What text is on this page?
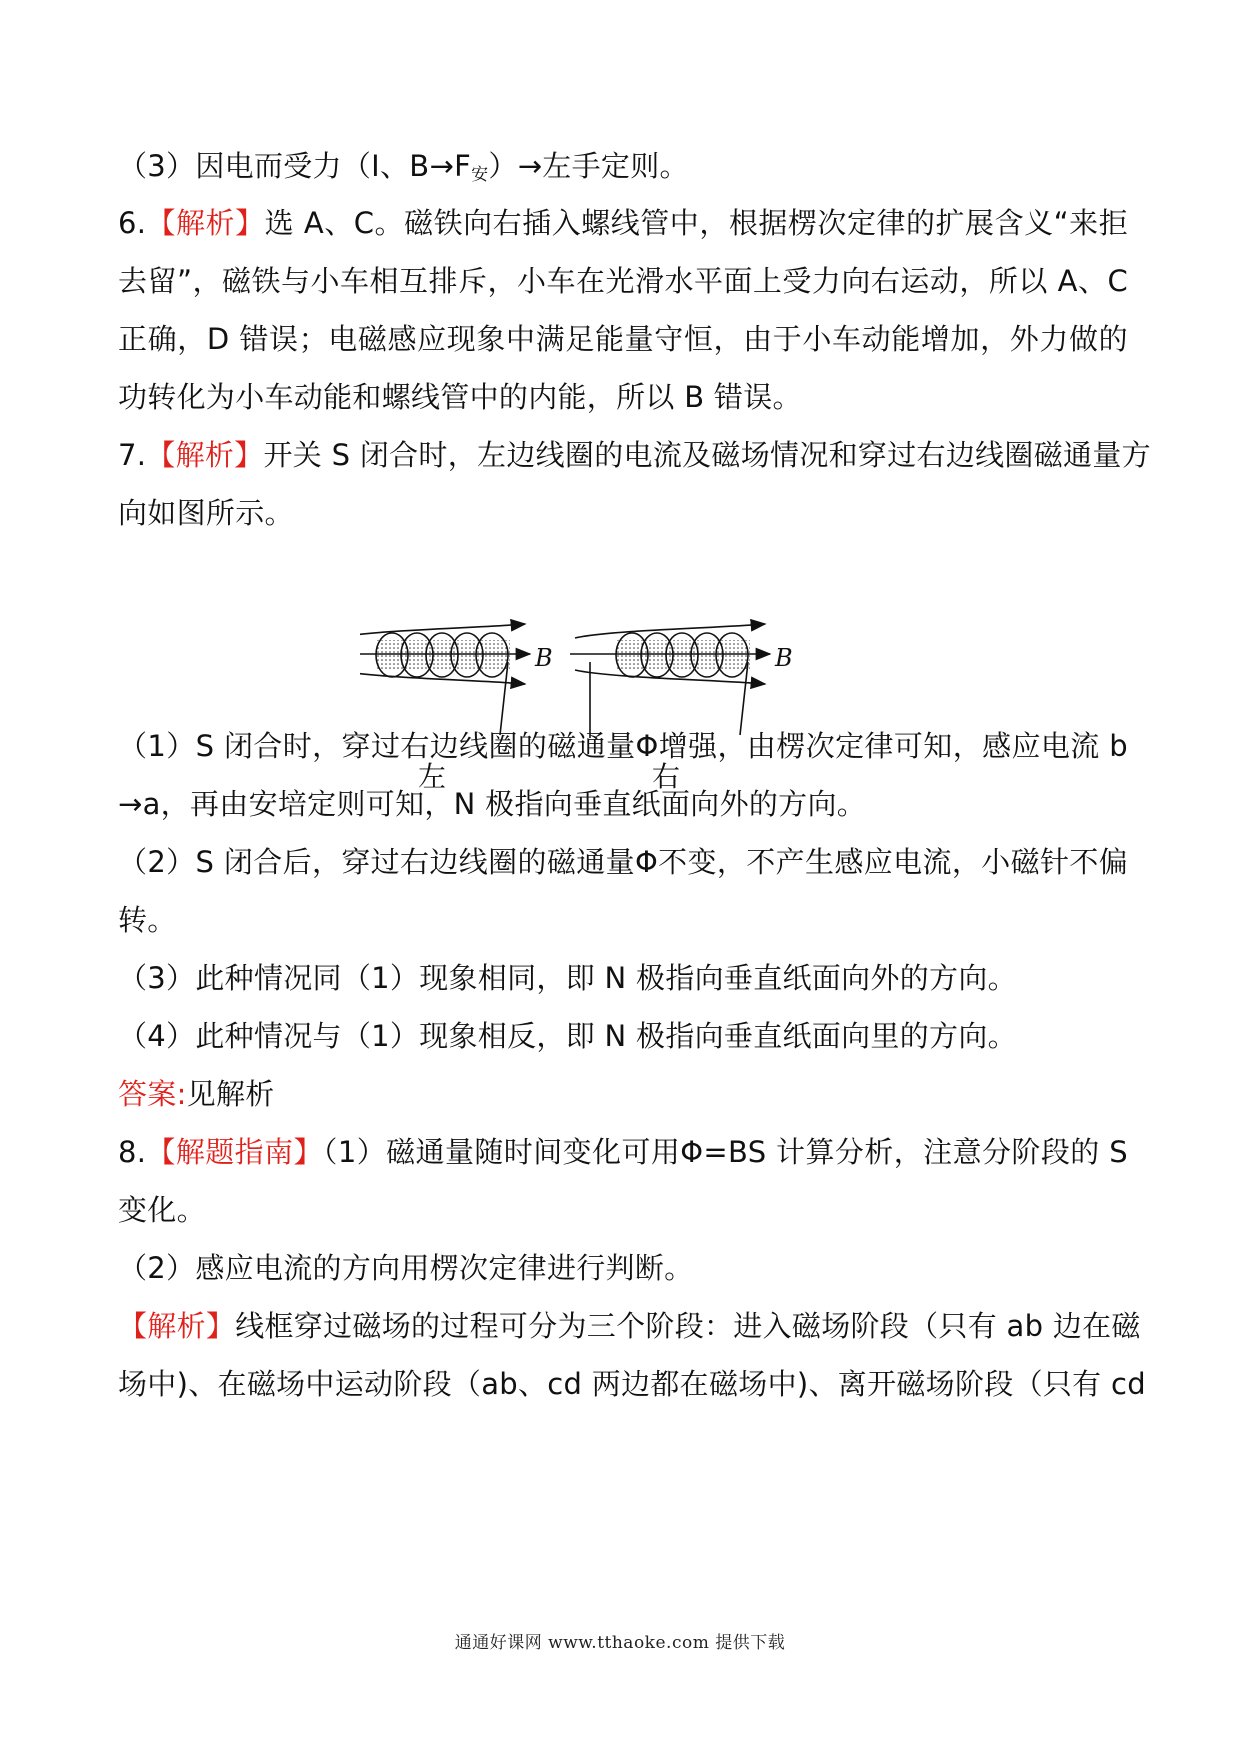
（3）因电而受力（I、$B\to F_安)\to$左手定则。
6.【解析】选 A、C。磁铁向右插入螺线管中，根据楞次定律的扩展含义“来拒
去留”，磁铁与小车相互排斥，小车在光滑水平面上受力向右运动，所以 A、C
正确，D 错误；电磁感应现象中满足能量守恒，由于小车动能增加，外力做的
功转化为小车动能和螺线管中的内能，所以 B 错误。
7.【解析】开关 S 闭合时，左边线圈的电流及磁场情况和穿过右边线圈磁通量方
向如图所示。
B
左
B
右
（1）S 闭合时，穿过右边线圈的磁通量Φ增强，由楞次定律可知，感应电流 b
→a，再由安培定则可知，N 极指向垂直纸面向外的方向。
（2）S 闭合后，穿过右边线圈的磁通量Φ不变，不产生感应电流，小磁针不偏
转。
（3）此种情况同（1）现象相同，即 N 极指向垂直纸面向外的方向。
（4）此种情况与（1）现象相反，即 N 极指向垂直纸面向里的方向。
答案:见解析
8.【解题指南】（1）磁通量随时间变化可用Φ=BS 计算分析，注意分阶段的 S
变化。
（2）感应电流的方向用楞次定律进行判断。
【解析】线框穿过磁场的过程可分为三个阶段：进入磁场阶段（只有 ab 边在磁
场中)、在磁场中运动阶段（ab、cd 两边都在磁场中)、离开磁场阶段（只有 cd
通通好课网 www.tthaoke.com 提供下载
